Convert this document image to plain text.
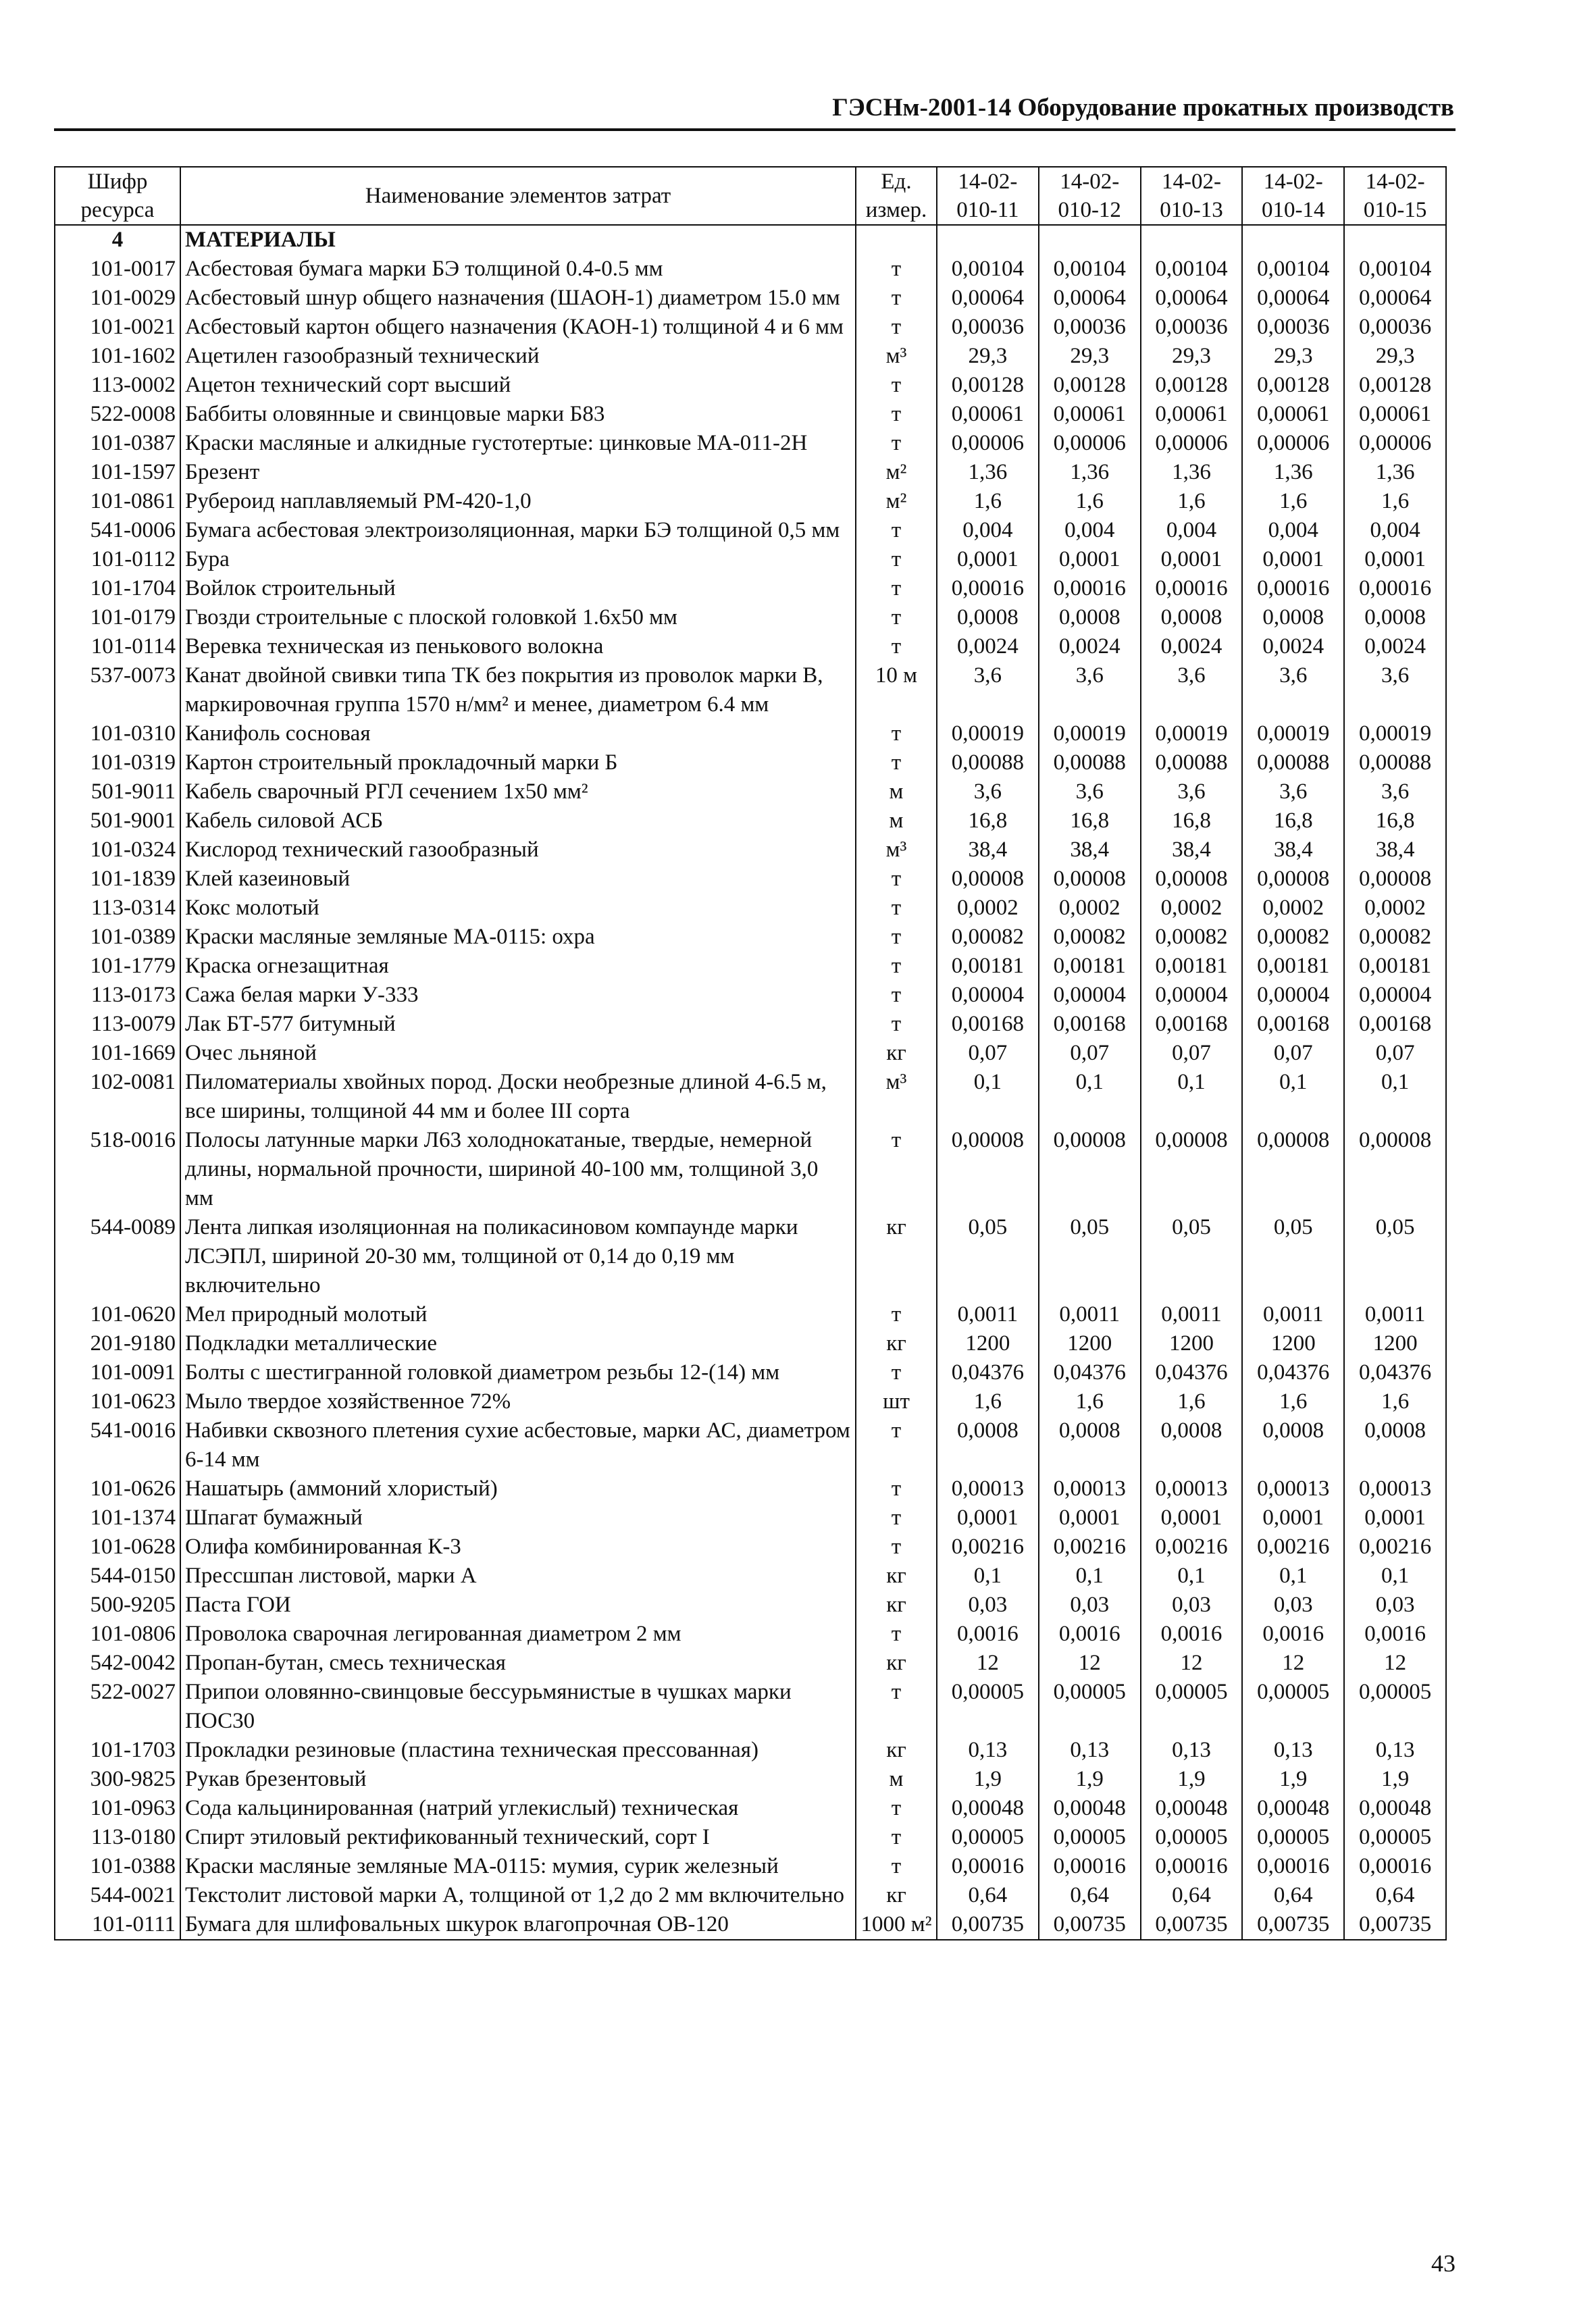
ГЭСНм-2001-14 Оборудование прокатных производств
Шифр ресурса	Наименование элементов затрат	Ед. измер.	14-02-010-11	14-02-010-12	14-02-010-13	14-02-010-14	14-02-010-15
4	МАТЕРИАЛЫ						
101-0017	Асбестовая бумага марки БЭ толщиной 0.4-0.5 мм	т	0,00104	0,00104	0,00104	0,00104	0,00104
101-0029	Асбестовый шнур общего назначения (ШАОН-1) диаметром 15.0 мм	т	0,00064	0,00064	0,00064	0,00064	0,00064
101-0021	Асбестовый картон общего назначения (КАОН-1) толщиной 4 и 6 мм	т	0,00036	0,00036	0,00036	0,00036	0,00036
101-1602	Ацетилен газообразный технический	м³	29,3	29,3	29,3	29,3	29,3
113-0002	Ацетон технический сорт высший	т	0,00128	0,00128	0,00128	0,00128	0,00128
522-0008	Баббиты оловянные и свинцовые марки Б83	т	0,00061	0,00061	0,00061	0,00061	0,00061
101-0387	Краски масляные и алкидные густотертые: цинковые МА-011-2Н	т	0,00006	0,00006	0,00006	0,00006	0,00006
101-1597	Брезент	м²	1,36	1,36	1,36	1,36	1,36
101-0861	Рубероид наплавляемый РМ-420-1,0	м²	1,6	1,6	1,6	1,6	1,6
541-0006	Бумага асбестовая электроизоляционная, марки БЭ толщиной 0,5 мм	т	0,004	0,004	0,004	0,004	0,004
101-0112	Бура	т	0,0001	0,0001	0,0001	0,0001	0,0001
101-1704	Войлок строительный	т	0,00016	0,00016	0,00016	0,00016	0,00016
101-0179	Гвозди строительные с плоской головкой 1.6х50 мм	т	0,0008	0,0008	0,0008	0,0008	0,0008
101-0114	Веревка техническая из пенькового волокна	т	0,0024	0,0024	0,0024	0,0024	0,0024
537-0073	Канат двойной свивки типа ТК без покрытия из проволок марки В, маркировочная группа 1570 н/мм² и менее, диаметром 6.4 мм	10 м	3,6	3,6	3,6	3,6	3,6
101-0310	Канифоль сосновая	т	0,00019	0,00019	0,00019	0,00019	0,00019
101-0319	Картон строительный прокладочный марки Б	т	0,00088	0,00088	0,00088	0,00088	0,00088
501-9011	Кабель сварочный РГЛ сечением 1х50 мм²	м	3,6	3,6	3,6	3,6	3,6
501-9001	Кабель силовой АСБ	м	16,8	16,8	16,8	16,8	16,8
101-0324	Кислород технический газообразный	м³	38,4	38,4	38,4	38,4	38,4
101-1839	Клей казеиновый	т	0,00008	0,00008	0,00008	0,00008	0,00008
113-0314	Кокс молотый	т	0,0002	0,0002	0,0002	0,0002	0,0002
101-0389	Краски масляные земляные МА-0115: охра	т	0,00082	0,00082	0,00082	0,00082	0,00082
101-1779	Краска огнезащитная	т	0,00181	0,00181	0,00181	0,00181	0,00181
113-0173	Сажа белая марки У-333	т	0,00004	0,00004	0,00004	0,00004	0,00004
113-0079	Лак БТ-577 битумный	т	0,00168	0,00168	0,00168	0,00168	0,00168
101-1669	Очес льняной	кг	0,07	0,07	0,07	0,07	0,07
102-0081	Пиломатериалы хвойных пород. Доски необрезные длиной 4-6.5 м, все ширины, толщиной 44 мм и более III сорта	м³	0,1	0,1	0,1	0,1	0,1
518-0016	Полосы латунные марки Л63 холоднокатаные, твердые, немерной длины, нормальной прочности, шириной 40-100 мм, толщиной 3,0 мм	т	0,00008	0,00008	0,00008	0,00008	0,00008
544-0089	Лента липкая изоляционная на поликасиновом компаунде марки ЛСЭПЛ, шириной 20-30 мм, толщиной от 0,14 до 0,19 мм включительно	кг	0,05	0,05	0,05	0,05	0,05
101-0620	Мел природный молотый	т	0,0011	0,0011	0,0011	0,0011	0,0011
201-9180	Подкладки металлические	кг	1200	1200	1200	1200	1200
101-0091	Болты с шестигранной головкой диаметром резьбы 12-(14) мм	т	0,04376	0,04376	0,04376	0,04376	0,04376
101-0623	Мыло твердое хозяйственное 72%	шт	1,6	1,6	1,6	1,6	1,6
541-0016	Набивки сквозного плетения сухие асбестовые, марки АС, диаметром 6-14 мм	т	0,0008	0,0008	0,0008	0,0008	0,0008
101-0626	Нашатырь (аммоний хлористый)	т	0,00013	0,00013	0,00013	0,00013	0,00013
101-1374	Шпагат бумажный	т	0,0001	0,0001	0,0001	0,0001	0,0001
101-0628	Олифа комбинированная К-3	т	0,00216	0,00216	0,00216	0,00216	0,00216
544-0150	Прессшпан листовой, марки А	кг	0,1	0,1	0,1	0,1	0,1
500-9205	Паста ГОИ	кг	0,03	0,03	0,03	0,03	0,03
101-0806	Проволока сварочная легированная диаметром 2 мм	т	0,0016	0,0016	0,0016	0,0016	0,0016
542-0042	Пропан-бутан, смесь техническая	кг	12	12	12	12	12
522-0027	Припои оловянно-свинцовые бессурьмянистые в чушках марки ПОС30	т	0,00005	0,00005	0,00005	0,00005	0,00005
101-1703	Прокладки резиновые (пластина техническая прессованная)	кг	0,13	0,13	0,13	0,13	0,13
300-9825	Рукав брезентовый	м	1,9	1,9	1,9	1,9	1,9
101-0963	Сода кальцинированная (натрий углекислый) техническая	т	0,00048	0,00048	0,00048	0,00048	0,00048
113-0180	Спирт этиловый ректификованный технический, сорт I	т	0,00005	0,00005	0,00005	0,00005	0,00005
101-0388	Краски масляные земляные МА-0115: мумия, сурик железный	т	0,00016	0,00016	0,00016	0,00016	0,00016
544-0021	Текстолит листовой марки А, толщиной от 1,2 до 2 мм включительно	кг	0,64	0,64	0,64	0,64	0,64
101-0111	Бумага для шлифовальных шкурок влагопрочная ОВ-120	1000 м²	0,00735	0,00735	0,00735	0,00735	0,00735
43
